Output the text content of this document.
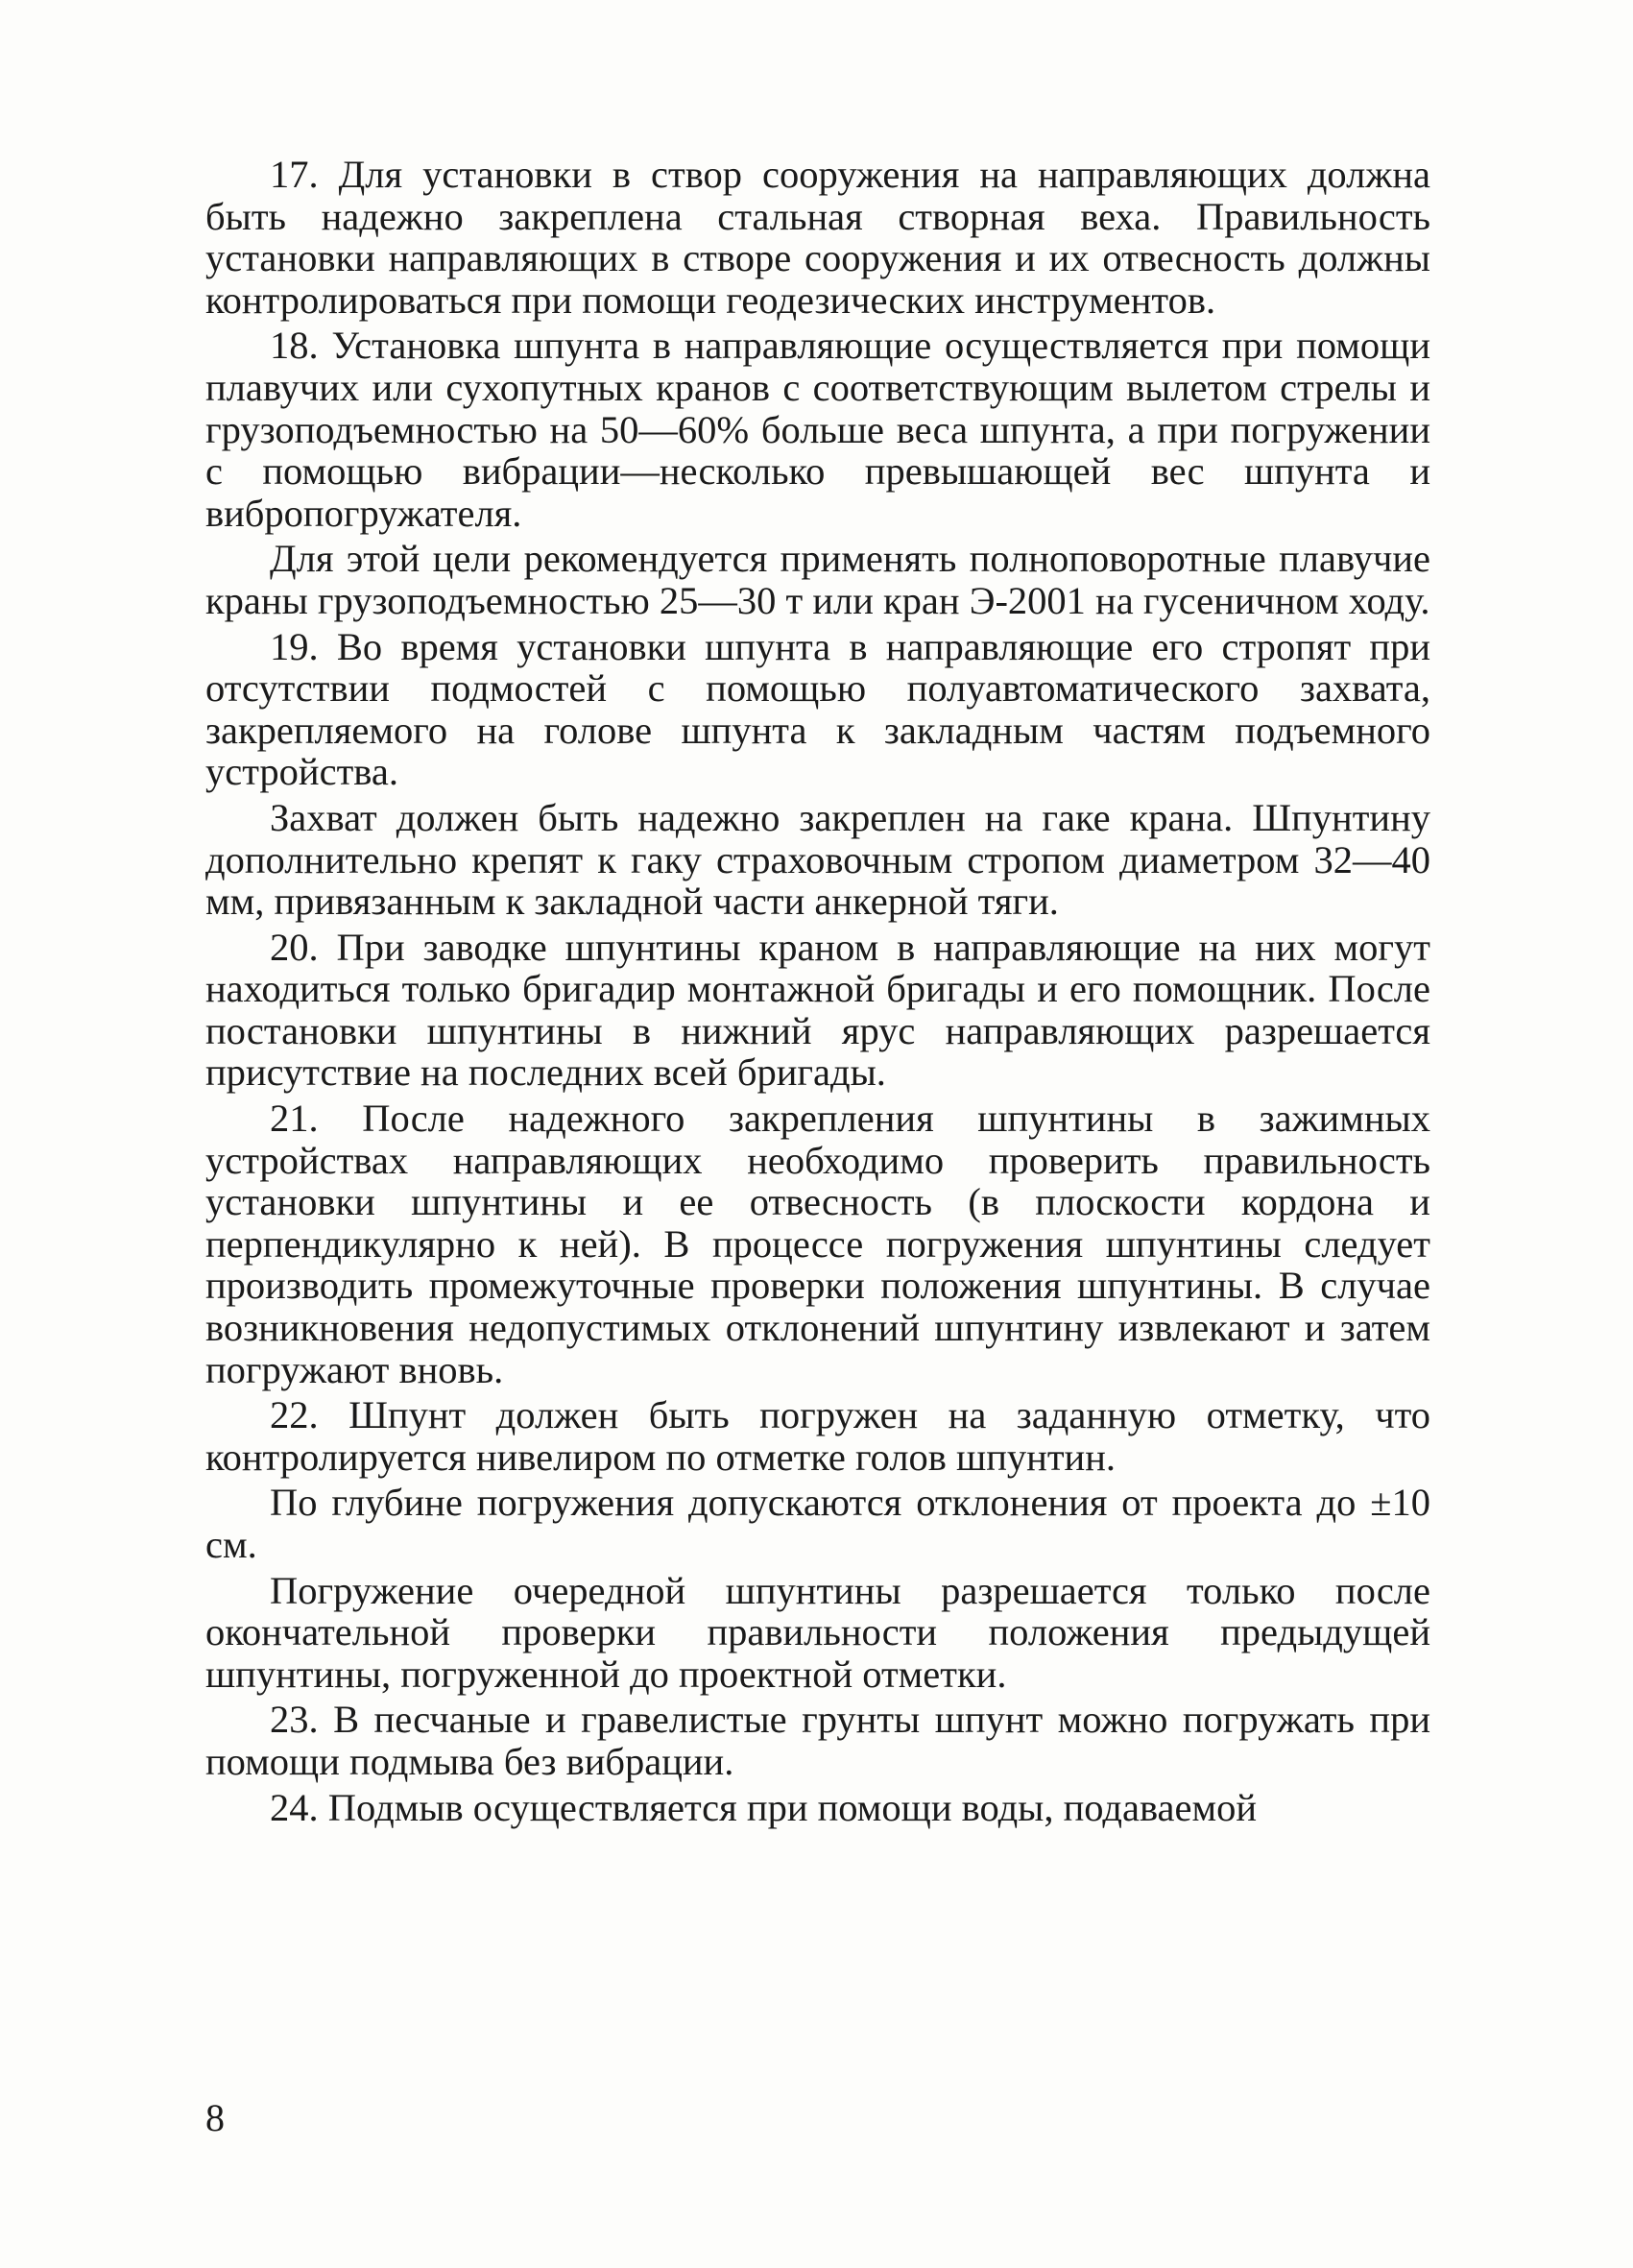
17. Для установки в створ сооружения на направляющих должна быть надежно закреплена стальная створная веха. Правильность установки направляющих в створе сооружения и их отвесность должны контролироваться при помощи геодезических инструментов.

18. Установка шпунта в направляющие осуществляется при помощи плавучих или сухопутных кранов с соответствующим вылетом стрелы и грузоподъемностью на 50—60% больше веса шпунта, а при погружении с помощью вибрации—несколько превышающей вес шпунта и вибропогружателя.

Для этой цели рекомендуется применять полноповоротные плавучие краны грузоподъемностью 25—30 т или кран Э-2001 на гусеничном ходу.

19. Во время установки шпунта в направляющие его стропят при отсутствии подмостей с помощью полуавтоматического захвата, закрепляемого на голове шпунта к закладным частям подъемного устройства.

Захват должен быть надежно закреплен на гаке крана. Шпунтину дополнительно крепят к гаку страховочным стропом диаметром 32—40 мм, привязанным к закладной части анкерной тяги.

20. При заводке шпунтины краном в направляющие на них могут находиться только бригадир монтажной бригады и его помощник. После постановки шпунтины в нижний ярус направляющих разрешается присутствие на последних всей бригады.

21. После надежного закрепления шпунтины в зажимных устройствах направляющих необходимо проверить правильность установки шпунтины и ее отвесность (в плоскости кордона и перпендикулярно к ней). В процессе погружения шпунтины следует производить промежуточные проверки положения шпунтины. В случае возникновения недопустимых отклонений шпунтину извлекают и затем погружают вновь.

22. Шпунт должен быть погружен на заданную отметку, что контролируется нивелиром по отметке голов шпунтин.

По глубине погружения допускаются отклонения от проекта до ±10 см.

Погружение очередной шпунтины разрешается только после окончательной проверки правильности положения предыдущей шпунтины, погруженной до проектной отметки.

23. В песчаные и гравелистые грунты шпунт можно погружать при помощи подмыва без вибрации.

24. Подмыв осуществляется при помощи воды, подаваемой

8
